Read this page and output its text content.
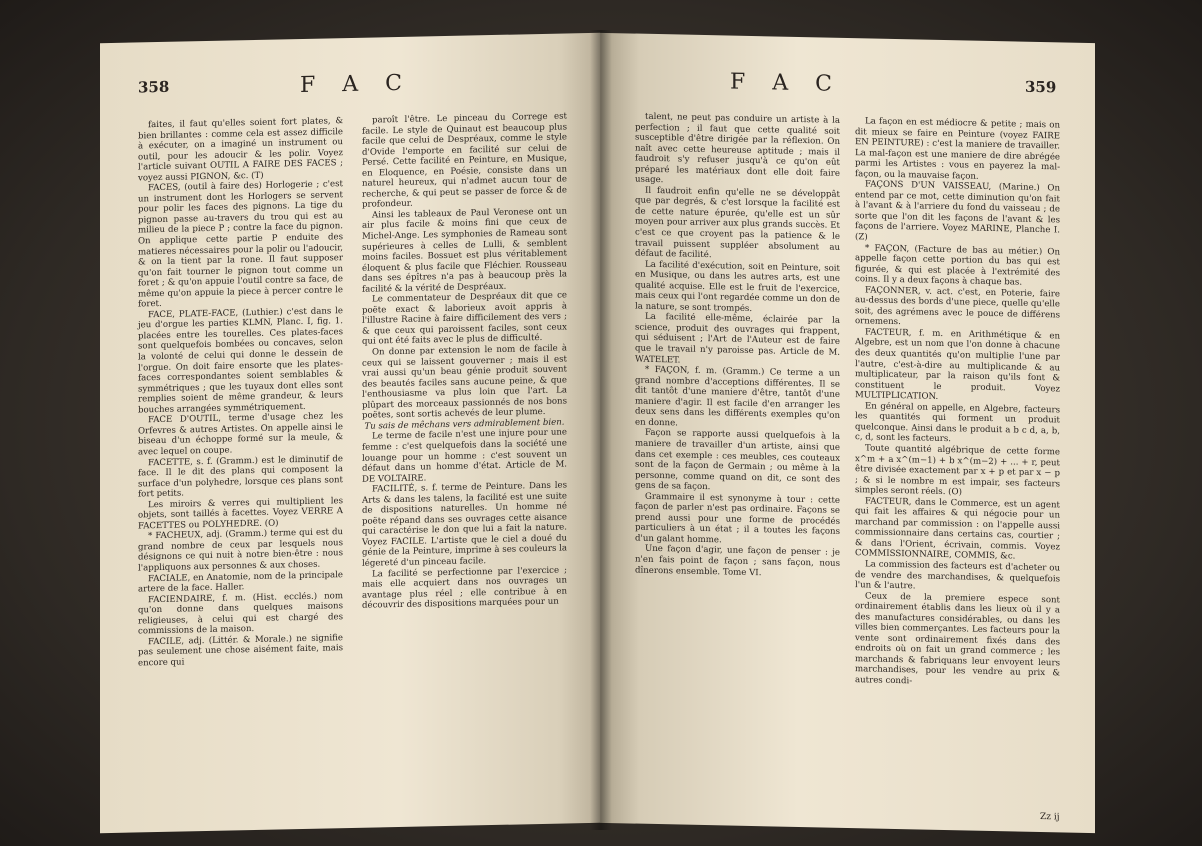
358	F A C

faites, il faut qu'elles soient fort plates, & bien brillantes : comme cela est assez difficile à exécuter, on a imaginé un instrument ou outil, pour les adoucir & les polir. Voyez l'article suivant OUTIL A FAIRE DES FACES ; voyez aussi PIGNON, &c. (T)

FACES, (outil à faire des) Horlogerie ; c'est un instrument dont les Horlogers se servent pour polir les faces des pignons. La tige du pignon passe au-travers du trou qui est au milieu de la piece P ; contre la face du pignon. On applique cette partie P enduite des matieres nécessaires pour la polir ou l'adoucir, & on la tient par la rone. Il faut supposer qu'on fait tourner le pignon tout comme un foret ; & qu'on appuie l'outil contre sa face, de même qu'on appuie la piece à percer contre le foret.

FACE, PLATE-FACE, (Luthier.) c'est dans le jeu d'orgue les parties KLMN, Planc. I, fig. 1. placées entre les tourelles. Ces plates-faces sont quelquefois bombées ou concaves, selon la volonté de celui qui donne le dessein de l'orgue. On doit faire ensorte que les plates-faces correspondantes soient semblables & symmétriques ; que les tuyaux dont elles sont remplies soient de même grandeur, & leurs bouches arrangées symmétriquement.

FACE D'OUTIL, terme d'usage chez les Orfevres & autres Artistes. On appelle ainsi le biseau d'un échoppe formé sur la meule, & avec lequel on coupe.

FACETTE, s. f. (Gramm.) est le diminutif de face. Il le dit des plans qui composent la surface d'un polyhedre, lorsque ces plans sont fort petits.

Les miroirs & verres qui multiplient les objets, sont taillés à facettes. Voyez VERRE A FACETTES ou POLYHEDRE. (O)

* FACHEUX, adj. (Gramm.) terme qui est du grand nombre de ceux par lesquels nous désignons ce qui nuit à notre bien-être : nous l'appliquons aux personnes & aux choses.

FACIALE, en Anatomie, nom de la principale artere de la face. Haller.

FACIENDAIRE, f. m. (Hist. ecclés.) nom qu'on donne dans quelques maisons religieuses, à celui qui est chargé des commissions de la maison.

FACILE, adj. (Littér. & Morale.) ne signifie pas seulement une chose aisément faite, mais encore qui

paroît l'être. Le pinceau du Correge est facile. Le style de Quinaut est beaucoup plus facile que celui de Despréaux, comme le style d'Ovide l'emporte en facilité sur celui de Persé. Cette facilité en Peinture, en Musique, en Eloquence, en Poésie, consiste dans un naturel heureux, qui n'admet aucun tour de recherche, & qui peut se passer de force & de profondeur.

Ainsi les tableaux de Paul Veronese ont un air plus facile & moins fini que ceux de Michel-Ange. Les symphonies de Rameau sont supérieures à celles de Lulli, & semblent moins faciles. Bossuet est plus véritablement éloquent & plus facile que Fléchier. Rousseau dans ses épîtres n'a pas à beaucoup près la facilité & la vérité de Despréaux.

Le commentateur de Despréaux dit que ce poëte exact & laborieux avoit appris à l'illustre Racine à faire difficilement des vers ; & que ceux qui paroissent faciles, sont ceux qui ont été faits avec le plus de difficulté.

On donne par extension le nom de facile à ceux qui se laissent gouverner ; mais il est vrai aussi qu'un beau génie produit souvent des beautés faciles sans aucune peine, & que l'enthousiasme va plus loin que l'art. La plûpart des morceaux passionnés de nos bons poëtes, sont sortis achevés de leur plume.

Tu sais de mêchans vers admirablement bien.

Le terme de facile n'est une injure pour une femme : c'est quelquefois dans la société une louange pour un homme : c'est souvent un défaut dans un homme d'état. Article de M. DE VOLTAIRE.

FACILITÉ, s. f. terme de Peinture. Dans les Arts & dans les talens, la facilité est une suite de dispositions naturelles. Un homme né poëte répand dans ses ouvrages cette aisance qui caractérise le don que lui a fait la nature. Voyez FACILE. L'artiste que le ciel a doué du génie de la Peinture, imprime à ses couleurs la légereté d'un pinceau facile.

La facilité se perfectionne par l'exercice ; mais elle acquiert dans nos ouvrages un avantage plus réel ; elle contribue à en découvrir des dispositions marquées pour un

F A C	359

talent, ne peut pas conduire un artiste à la perfection ; il faut que cette qualité soit susceptible d'être dirigée par la réflexion. On naît avec cette heureuse aptitude ; mais il faudroit s'y refuser jusqu'à ce qu'on eût préparé les matériaux dont elle doit faire usage.

Il faudroit enfin qu'elle ne se développât que par degrés, & c'est lorsque la facilité est de cette nature épurée, qu'elle est un sûr moyen pour arriver aux plus grands succès. Et c'est ce que croyent pas la patience & le travail puissent suppléer absolument au défaut de facilité.

La facilité d'exécution, soit en Peinture, soit en Musique, ou dans les autres arts, est une qualité acquise. Elle est le fruit de l'exercice, mais ceux qui l'ont regardée comme un don de la nature, se sont trompés.

La facilité elle-même, éclairée par la science, produit des ouvrages qui frappent, qui séduisent ; l'Art de l'Auteur est de faire que le travail n'y paroisse pas. Article de M. WATELET.

* FAÇON, f. m. (Gramm.) Ce terme a un grand nombre d'acceptions différentes. Il se dit tantôt d'une maniere d'être, tantôt d'une maniere d'agir. Il est facile d'en arranger les deux sens dans les différents exemples qu'on en donne.

Façon se rapporte aussi quelquefois à la maniere de travailler d'un artiste, ainsi que dans cet exemple : ces meubles, ces couteaux sont de la façon de Germain ; ou même à la personne, comme quand on dit, ce sont des gens de sa façon.

Grammaire il est synonyme à tour : cette façon de parler n'est pas ordinaire. Façons se prend aussi pour une forme de procédés particuliers à un état ; il a toutes les façons d'un galant homme.

Une façon d'agir, une façon de penser : je n'en fais point de façon ; sans façon, nous dînerons ensemble. Tome VI.

La façon en est médiocre & petite ; mais on dit mieux se faire en Peinture (voyez FAIRE EN PEINTURE) : c'est la maniere de travailler. La mal-façon est une maniere de dire abrégée parmi les Artistes : vous en payerez la mal-façon, ou la mauvaise façon.

FAÇONS D'UN VAISSEAU, (Marine.) On entend par ce mot, cette diminution qu'on fait à l'avant & à l'arriere du fond du vaisseau ; de sorte que l'on dit les façons de l'avant & les façons de l'arriere. Voyez MARINE, Planche I. (Z)

* FAÇON, (Facture de bas au métier.) On appelle façon cette portion du bas qui est figurée, & qui est placée à l'extrémité des coins. Il y a deux façons à chaque bas.

FAÇONNER, v. act. c'est, en Poterie, faire au-dessus des bords d'une piece, quelle qu'elle soit, des agrémens avec le pouce de différens ornemens.

FACTEUR, f. m. en Arithmétique & en Algebre, est un nom que l'on donne à chacune des deux quantités qu'on multiplie l'une par l'autre, c'est-à-dire au multiplicande & au multiplicateur, par la raison qu'ils font & constituent le produit. Voyez MULTIPLICATION.

En général on appelle, en Algebre, facteurs les quantités qui forment un produit quelconque. Ainsi dans le produit a b c d, a, b, c, d, sont les facteurs.

Toute quantité algébrique de cette forme x^m + a x^(m−1) + b x^(m−2) + ... + r, peut être divisée exactement par x + p et par x − p ; & si le nombre m est impair, ses facteurs simples seront réels. (O)

FACTEUR, dans le Commerce, est un agent qui fait les affaires & qui négocie pour un marchand par commission : on l'appelle aussi commissionnaire dans certains cas, courtier ; & dans l'Orient, écrivain, commis. Voyez COMMISSIONNAIRE, COMMIS, &c.

La commission des facteurs est d'acheter ou de vendre des marchandises, & quelquefois l'un & l'autre.

Ceux de la premiere espece sont ordinairement établis dans les lieux où il y a des manufactures considérables, ou dans les villes bien commerçantes. Les facteurs pour la vente sont ordinairement fixés dans des endroits où on fait un grand commerce ; les marchands & fabriquans leur envoyent leurs marchandises, pour les vendre au prix & autres condi-

Zz ij
